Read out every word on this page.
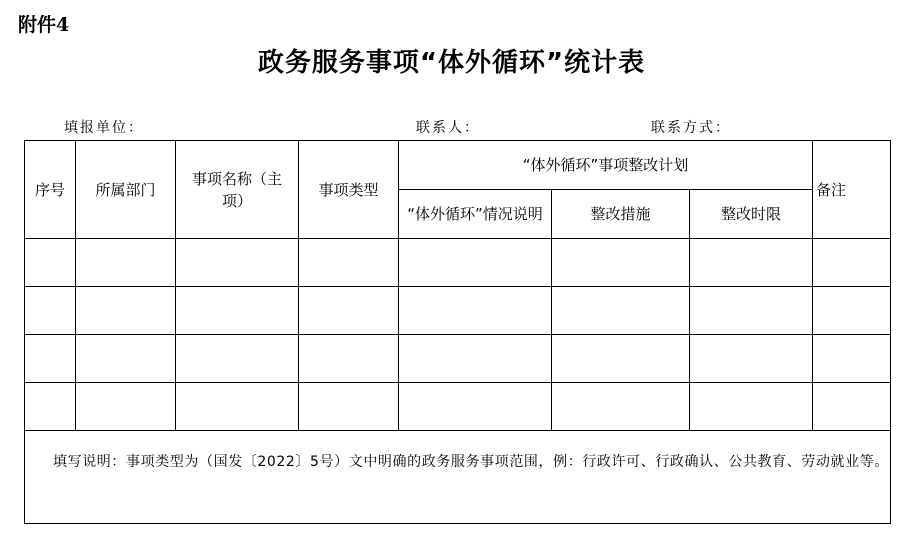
附件4
政务服务事项“体外循环”统计表
填报单位：	联系人：	联系方式：
序号	所属部门	事项名称（主项）	事项类型	“体外循环”事项整改计划			备注
				“体外循环”情况说明	整改措施	整改时限	

填写说明：事项类型为（国发〔2022〕5号）文中明确的政务服务事项范围，例：行政许可、行政确认、公共教育、劳动就业等。							
